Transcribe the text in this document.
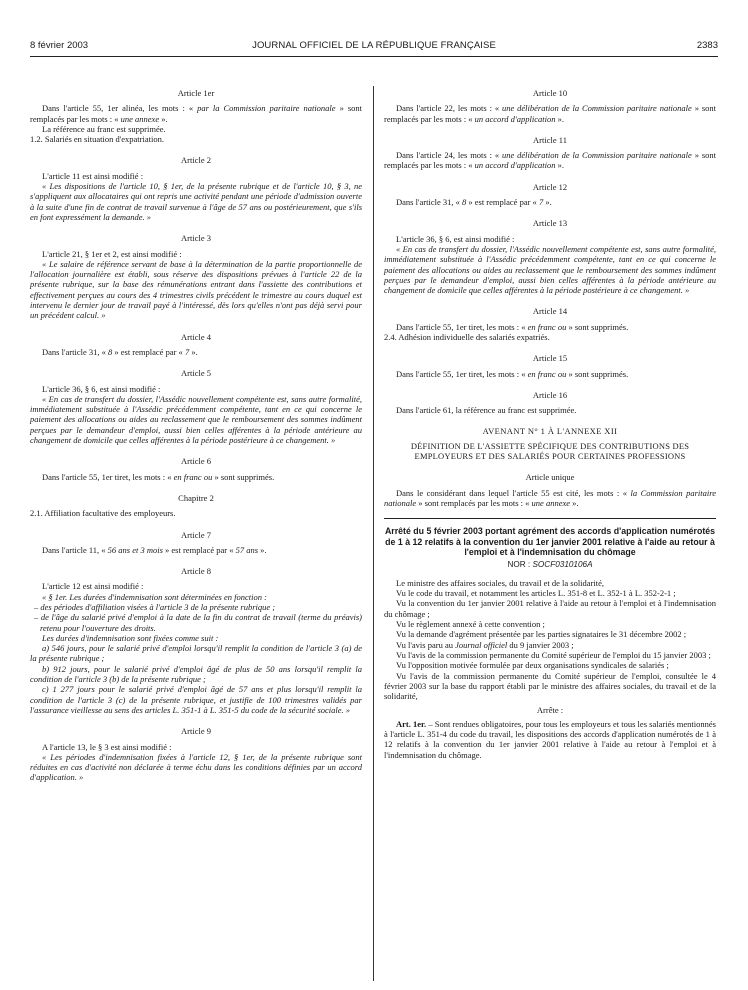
8 février 2003	JOURNAL OFFICIEL DE LA RÉPUBLIQUE FRANÇAISE	2383

Article 1er

Dans l'article 55, 1er alinéa, les mots : « par la Commission paritaire nationale » sont remplacés par les mots : « une annexe ».

La référence au franc est supprimée.

1.2. Salariés en situation d'expatriation.

Article 2

L'article 11 est ainsi modifié :

« Les dispositions de l'article 10, § 1er, de la présente rubrique et de l'article 10, § 3, ne s'appliquent aux allocataires qui ont repris une activité pendant une période d'admission ouverte à la suite d'une fin de contrat de travail survenue à l'âge de 57 ans ou postérieurement, que s'ils en font expressément la demande. »

Article 3

L'article 21, § 1er et 2, est ainsi modifié :

« Le salaire de référence servant de base à la détermination de la partie proportionnelle de l'allocation journalière est établi, sous réserve des dispositions prévues à l'article 22 de la présente rubrique, sur la base des rémunérations entrant dans l'assiette des contributions et effectivement perçues au cours des 4 trimestres civils précédent le trimestre au cours duquel est intervenu le dernier jour de travail payé à l'intéressé, dès lors qu'elles n'ont pas déjà servi pour un précédent calcul. »

Article 4

Dans l'article 31, « 8 » est remplacé par « 7 ».

Article 5

L'article 36, § 6, est ainsi modifié :

« En cas de transfert du dossier, l'Assédic nouvellement compétente est, sans autre formalité, immédiatement substituée à l'Assédic précédemment compétente, tant en ce qui concerne le paiement des allocations ou aides au reclassement que le remboursement des sommes indûment perçues par le demandeur d'emploi, aussi bien celles afférentes à la période antérieure au changement de domicile que celles afférentes à la période postérieure à ce changement. »

Article 6

Dans l'article 55, 1er tiret, les mots : « en franc ou » sont supprimés.

Chapitre 2

2.1. Affiliation facultative des employeurs.

Article 7

Dans l'article 11, « 56 ans et 3 mois » est remplacé par « 57 ans ».

Article 8

L'article 12 est ainsi modifié :

« § 1er. Les durées d'indemnisation sont déterminées en fonction :

– des périodes d'affiliation visées à l'article 3 de la présente rubrique ;

– de l'âge du salarié privé d'emploi à la date de la fin du contrat de travail (terme du préavis) retenu pour l'ouverture des droits.

Les durées d'indemnisation sont fixées comme suit :

a) 546 jours, pour le salarié privé d'emploi lorsqu'il remplit la condition de l'article 3 (a) de la présente rubrique ;

b) 912 jours, pour le salarié privé d'emploi âgé de plus de 50 ans lorsqu'il remplit la condition de l'article 3 (b) de la présente rubrique ;

c) 1 277 jours pour le salarié privé d'emploi âgé de 57 ans et plus lorsqu'il remplit la condition de l'article 3 (c) de la présente rubrique, et justifie de 100 trimestres validés par l'assurance vieillesse au sens des articles L. 351-1 à L. 351-5 du code de la sécurité sociale. »

Article 9

A l'article 13, le § 3 est ainsi modifié :

« Les périodes d'indemnisation fixées à l'article 12, § 1er, de la présente rubrique sont réduites en cas d'activité non déclarée à terme échu dans les conditions définies par un accord d'application. »

Article 10

Dans l'article 22, les mots : « une délibération de la Commission paritaire nationale » sont remplacés par les mots : « un accord d'application ».

Article 11

Dans l'article 24, les mots : « une délibération de la Commission paritaire nationale » sont remplacés par les mots : « un accord d'application ».

Article 12

Dans l'article 31, « 8 » est remplacé par « 7 ».

Article 13

L'article 36, § 6, est ainsi modifié :

« En cas de transfert du dossier, l'Assédic nouvellement compétente est, sans autre formalité, immédiatement substituée à l'Assédic précédemment compétente, tant en ce qui concerne le paiement des allocations ou aides au reclassement que le remboursement des sommes indûment perçues par le demandeur d'emploi, aussi bien celles afférentes à la période antérieure au changement de domicile que celles afférentes à la période postérieure à ce changement. »

Article 14

Dans l'article 55, 1er tiret, les mots : « en franc ou » sont supprimés.

2.4. Adhésion individuelle des salariés expatriés.

Article 15

Dans l'article 55, 1er tiret, les mots : « en franc ou » sont supprimés.

Article 16

Dans l'article 61, la référence au franc est supprimée.

AVENANT N° 1 À L'ANNEXE XII

DÉFINITION DE L'ASSIETTE SPÉCIFIQUE DES CONTRIBUTIONS DES EMPLOYEURS ET DES SALARIÉS POUR CERTAINES PROFESSIONS

Article unique

Dans le considérant dans lequel l'article 55 est cité, les mots : « la Commission paritaire nationale » sont remplacés par les mots : « une annexe ».

Arrêté du 5 février 2003 portant agrément des accords d'application numérotés de 1 à 12 relatifs à la convention du 1er janvier 2001 relative à l'aide au retour à l'emploi et à l'indemnisation du chômage

NOR : SOCF0310106A

Le ministre des affaires sociales, du travail et de la solidarité,

Vu le code du travail, et notamment les articles L. 351-8 et L. 352-1 à L. 352-2-1 ;

Vu la convention du 1er janvier 2001 relative à l'aide au retour à l'emploi et à l'indemnisation du chômage ;

Vu le règlement annexé à cette convention ;

Vu la demande d'agrément présentée par les parties signataires le 31 décembre 2002 ;

Vu l'avis paru au Journal officiel du 9 janvier 2003 ;

Vu l'avis de la commission permanente du Comité supérieur de l'emploi du 15 janvier 2003 ;

Vu l'opposition motivée formulée par deux organisations syndicales de salariés ;

Vu l'avis de la commission permanente du Comité supérieur de l'emploi, consultée le 4 février 2003 sur la base du rapport établi par le ministre des affaires sociales, du travail et de la solidarité,

Arrête :

Art. 1er. – Sont rendues obligatoires, pour tous les employeurs et tous les salariés mentionnés à l'article L. 351-4 du code du travail, les dispositions des accords d'application numérotés de 1 à 12 relatifs à la convention du 1er janvier 2001 relative à l'aide au retour à l'emploi et à l'indemnisation du chômage.
